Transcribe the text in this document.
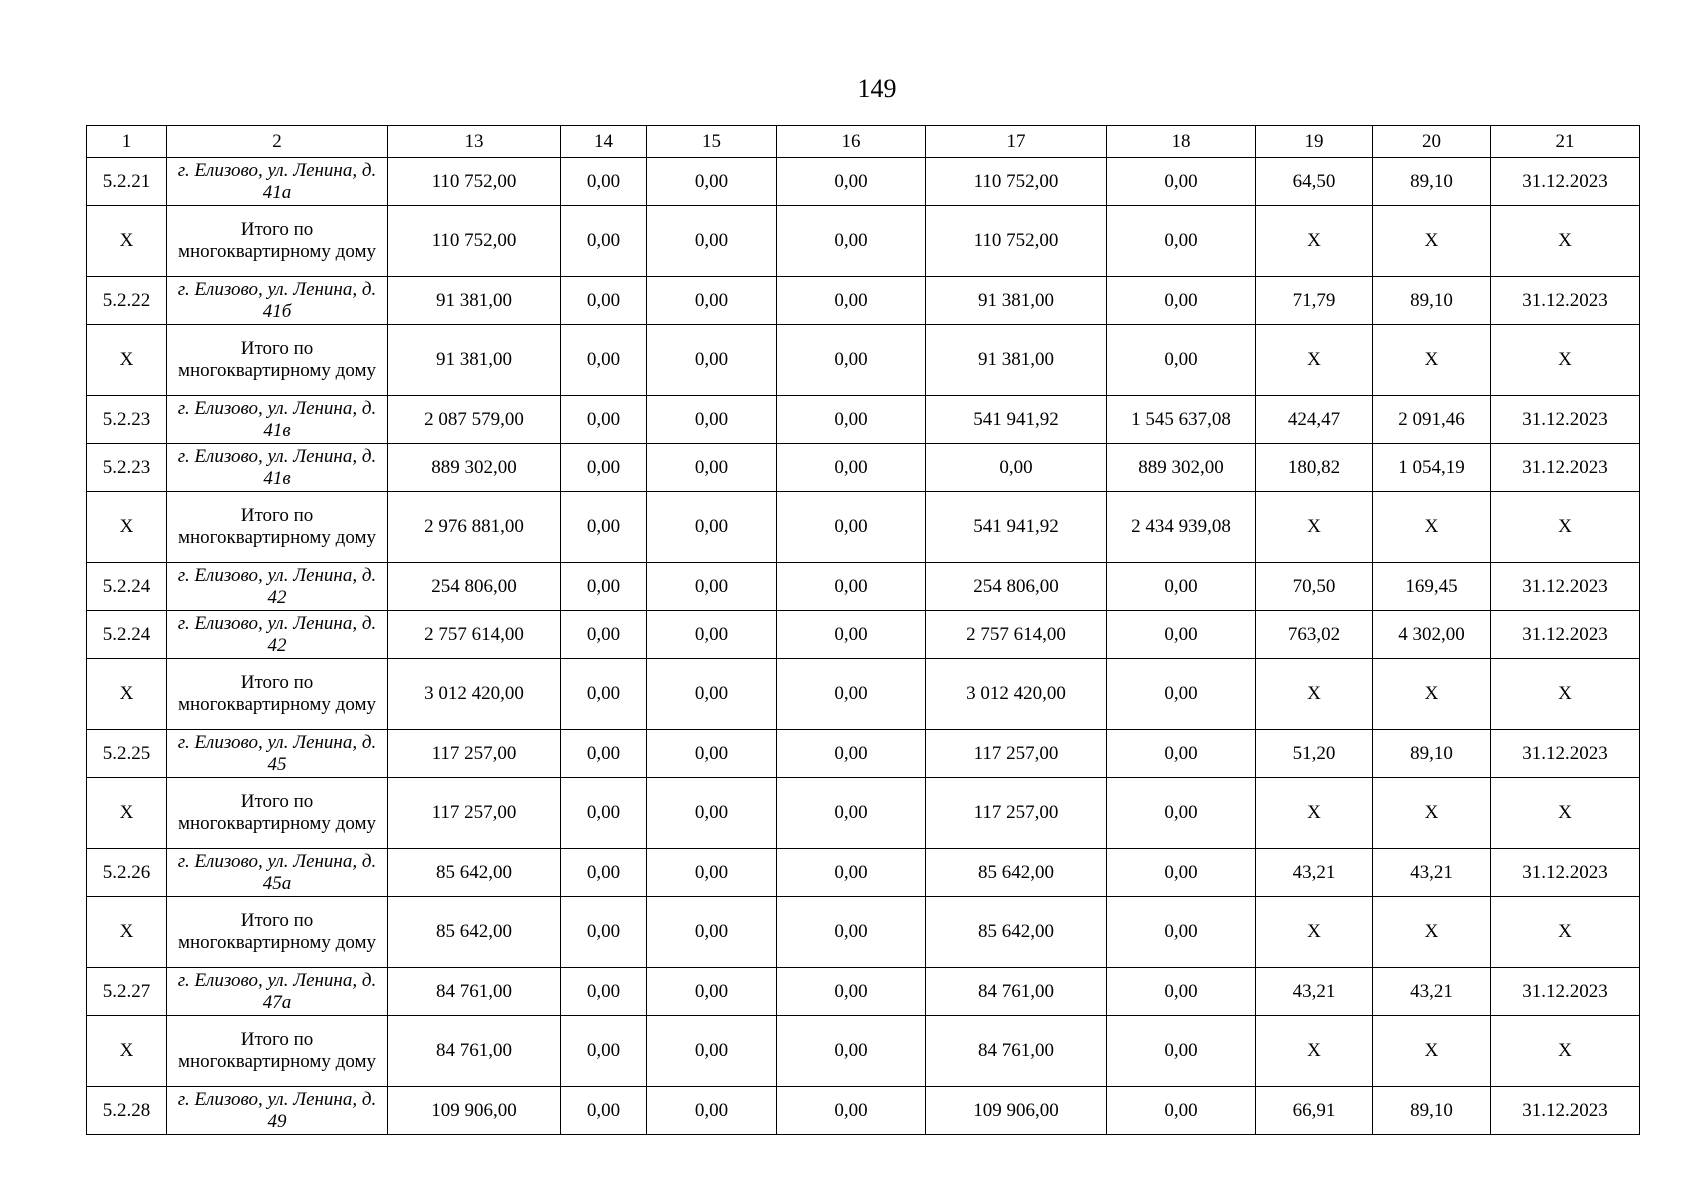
149
1	2	13	14	15	16	17	18	19	20	21
5.2.21	г. Елизово, ул. Ленина, д. 41а	110 752,00	0,00	0,00	0,00	110 752,00	0,00	64,50	89,10	31.12.2023
X	Итого по многоквартирному дому	110 752,00	0,00	0,00	0,00	110 752,00	0,00	X	X	X
5.2.22	г. Елизово, ул. Ленина, д. 41б	91 381,00	0,00	0,00	0,00	91 381,00	0,00	71,79	89,10	31.12.2023
X	Итого по многоквартирному дому	91 381,00	0,00	0,00	0,00	91 381,00	0,00	X	X	X
5.2.23	г. Елизово, ул. Ленина, д. 41в	2 087 579,00	0,00	0,00	0,00	541 941,92	1 545 637,08	424,47	2 091,46	31.12.2023
5.2.23	г. Елизово, ул. Ленина, д. 41в	889 302,00	0,00	0,00	0,00	0,00	889 302,00	180,82	1 054,19	31.12.2023
X	Итого по многоквартирному дому	2 976 881,00	0,00	0,00	0,00	541 941,92	2 434 939,08	X	X	X
5.2.24	г. Елизово, ул. Ленина, д. 42	254 806,00	0,00	0,00	0,00	254 806,00	0,00	70,50	169,45	31.12.2023
5.2.24	г. Елизово, ул. Ленина, д. 42	2 757 614,00	0,00	0,00	0,00	2 757 614,00	0,00	763,02	4 302,00	31.12.2023
X	Итого по многоквартирному дому	3 012 420,00	0,00	0,00	0,00	3 012 420,00	0,00	X	X	X
5.2.25	г. Елизово, ул. Ленина, д. 45	117 257,00	0,00	0,00	0,00	117 257,00	0,00	51,20	89,10	31.12.2023
X	Итого по многоквартирному дому	117 257,00	0,00	0,00	0,00	117 257,00	0,00	X	X	X
5.2.26	г. Елизово, ул. Ленина, д. 45а	85 642,00	0,00	0,00	0,00	85 642,00	0,00	43,21	43,21	31.12.2023
X	Итого по многоквартирному дому	85 642,00	0,00	0,00	0,00	85 642,00	0,00	X	X	X
5.2.27	г. Елизово, ул. Ленина, д. 47а	84 761,00	0,00	0,00	0,00	84 761,00	0,00	43,21	43,21	31.12.2023
X	Итого по многоквартирному дому	84 761,00	0,00	0,00	0,00	84 761,00	0,00	X	X	X
5.2.28	г. Елизово, ул. Ленина, д. 49	109 906,00	0,00	0,00	0,00	109 906,00	0,00	66,91	89,10	31.12.2023
